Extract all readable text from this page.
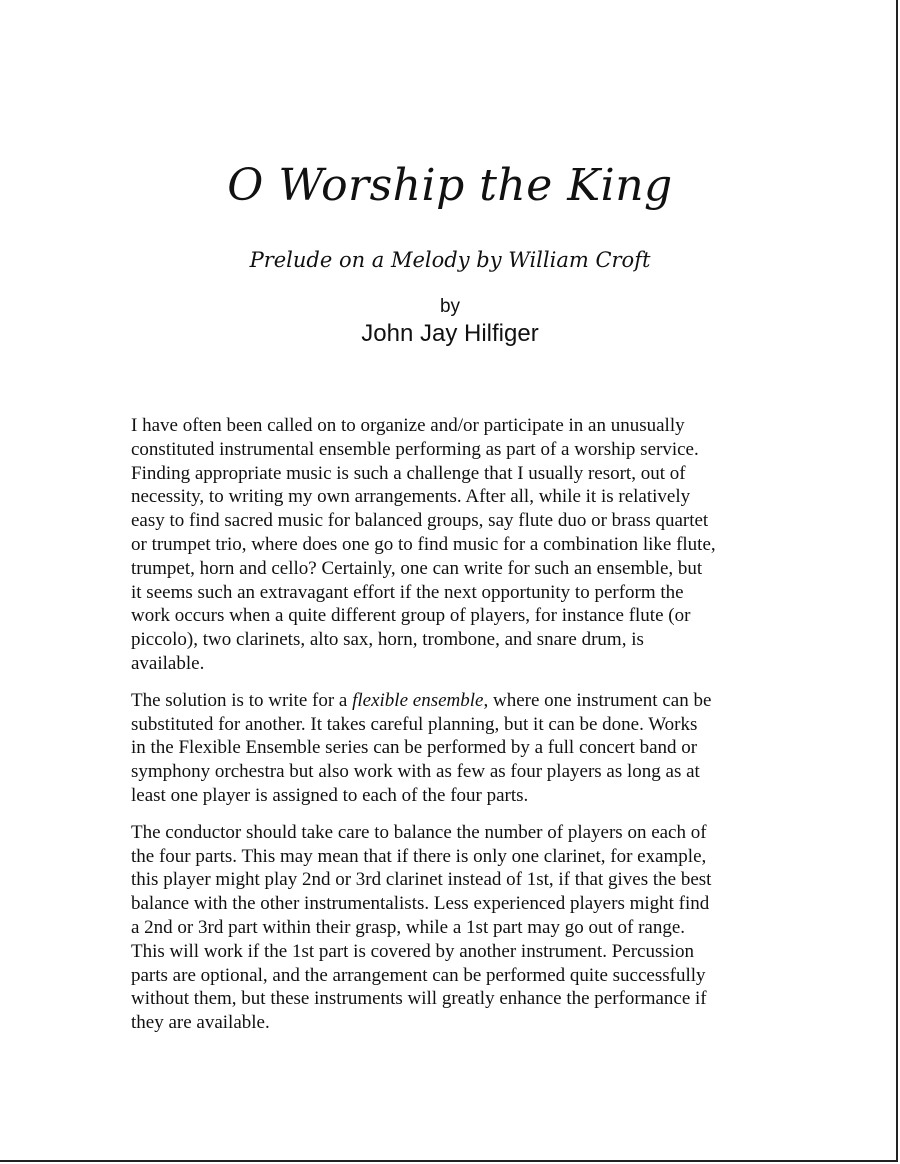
O Worship the King
Prelude on a Melody by William Croft
by
John Jay Hilfiger

I have often been called on to organize and/or participate in an unusually
constituted instrumental ensemble performing as part of a worship service.
Finding appropriate music is such a challenge that I usually resort, out of
necessity, to writing my own arrangements. After all, while it is relatively
easy to find sacred music for balanced groups, say flute duo or brass quartet
or trumpet trio, where does one go to find music for a combination like flute,
trumpet, horn and cello? Certainly, one can write for such an ensemble, but
it seems such an extravagant effort if the next opportunity to perform the
work occurs when a quite different group of players, for instance flute (or
piccolo), two clarinets, alto sax, horn, trombone, and snare drum, is
available.

The solution is to write for a flexible ensemble, where one instrument can be
substituted for another. It takes careful planning, but it can be done. Works
in the Flexible Ensemble series can be performed by a full concert band or
symphony orchestra but also work with as few as four players as long as at
least one player is assigned to each of the four parts.

The conductor should take care to balance the number of players on each of
the four parts. This may mean that if there is only one clarinet, for example,
this player might play 2nd or 3rd clarinet instead of 1st, if that gives the best
balance with the other instrumentalists. Less experienced players might find
a 2nd or 3rd part within their grasp, while a 1st part may go out of range.
This will work if the 1st part is covered by another instrument. Percussion
parts are optional, and the arrangement can be performed quite successfully
without them, but these instruments will greatly enhance the performance if
they are available.
